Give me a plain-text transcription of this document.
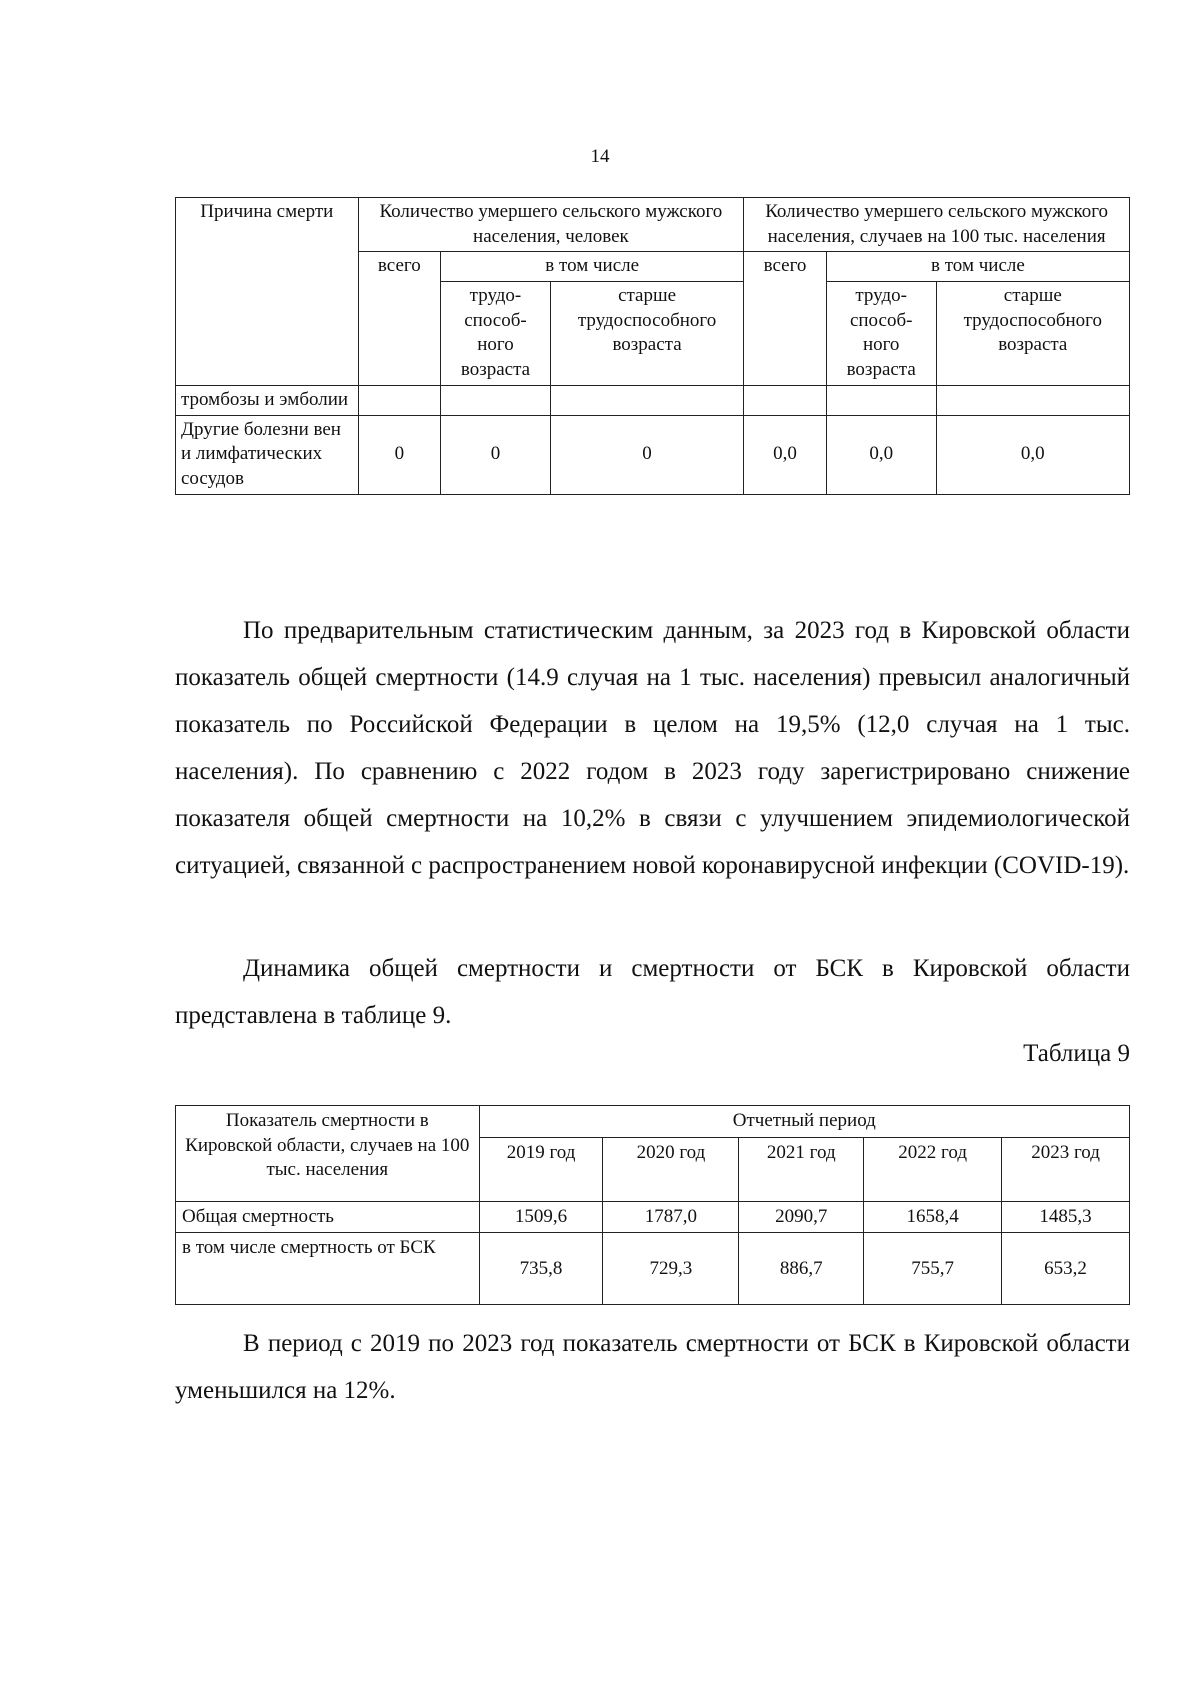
14
Причина смерти	Количество умершего сельского мужского населения, человек			Количество умершего сельского мужского населения, случаев на 100 тыс. населения		
	всего	в том числе		всего	в том числе	
		трудо-способ-ного возраста	старше трудоспособного возраста		трудо-способ-ного возраста	старше трудоспособного возраста
тромбозы и эмболии						
Другие болезни вен и лимфатических сосудов	0	0	0	0,0	0,0	0,0

По предварительным статистическим данным, за 2023 год в Кировской области показатель общей смертности (14.9 случая на 1 тыс. населения) превысил аналогичный показатель по Российской Федерации в целом на 19,5% (12,0 случая на 1 тыс. населения). По сравнению с 2022 годом в 2023 году зарегистрировано снижение показателя общей смертности на 10,2% в связи с улучшением эпидемиологической ситуацией, связанной с распространением новой коронавирусной инфекции (COVID-19).

Динамика общей смертности и смертности от БСК в Кировской области представлена в таблице 9.

Таблица 9

Показатель смертности в Кировской области, случаев на 100 тыс. населения	Отчетный период				
	2019 год	2020 год	2021 год	2022 год	2023 год
Общая смертность	1509,6	1787,0	2090,7	1658,4	1485,3
в том числе смертность от БСК	735,8	729,3	886,7	755,7	653,2

В период с 2019 по 2023 год показатель смертности от БСК в Кировской области уменьшился на 12%.
